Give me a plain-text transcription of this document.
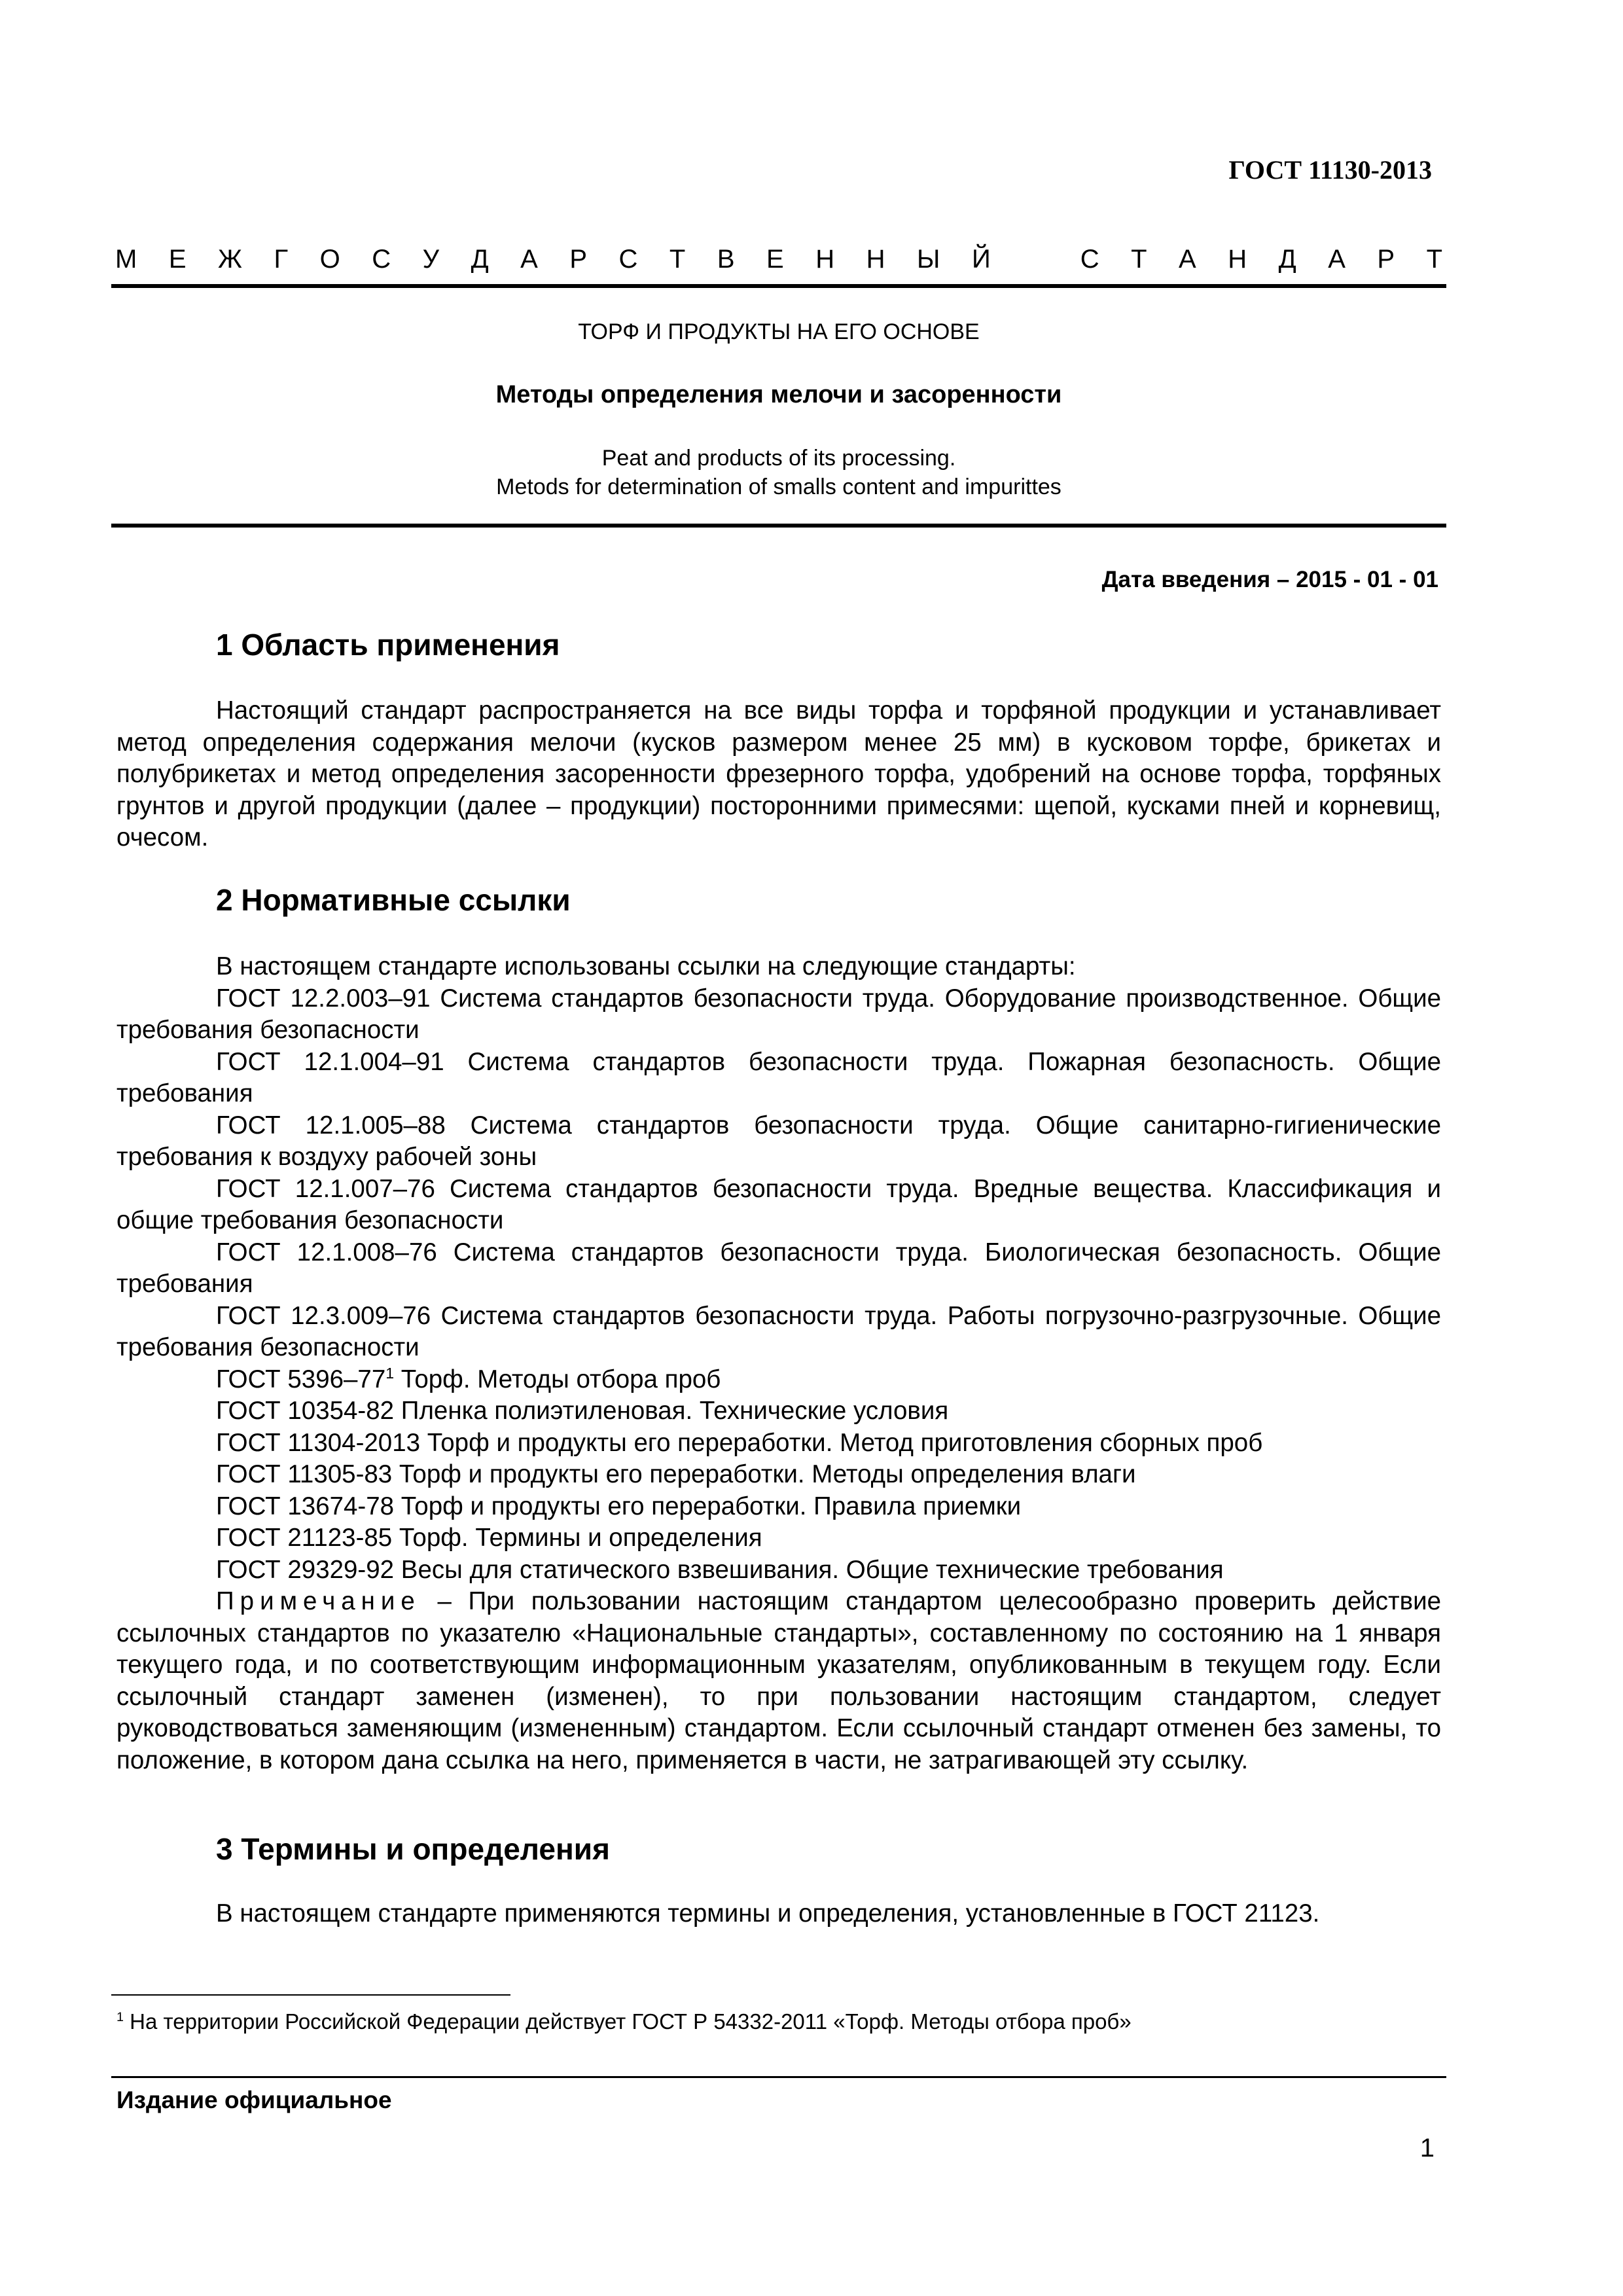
ГОСТ 11130-2013
М Е Ж Г О С У Д А Р С Т В Е Н Н Ы Й	С Т А Н Д А Р Т
ТОРФ И ПРОДУКТЫ НА ЕГО ОСНОВЕ
Методы определения мелочи и засоренности
Peat and products of its processing.
Metods for determination of smalls content and impurittes
Дата введения – 2015 - 01 - 01
1 Область применения

Настоящий стандарт распространяется на все виды торфа и торфяной продукции и устанавливает метод определения содержания мелочи (кусков размером менее 25 мм) в кусковом торфе, брикетах и полубрикетах и метод определения засоренности фрезерного торфа, удобрений на основе торфа, торфяных грунтов и другой продукции (далее – продукции) посторонними примесями: щепой, кусками пней и корневищ, очесом.

2 Нормативные ссылки

В настоящем стандарте использованы ссылки на следующие стандарты:

ГОСТ 12.2.003–91 Система стандартов безопасности труда. Оборудование производственное. Общие требования безопасности

ГОСТ 12.1.004–91 Система стандартов безопасности труда. Пожарная безопасность. Общие требования

ГОСТ 12.1.005–88 Система стандартов безопасности труда. Общие санитарно-гигиенические требования к воздуху рабочей зоны

ГОСТ 12.1.007–76 Система стандартов безопасности труда. Вредные вещества. Классификация и общие требования безопасности

ГОСТ 12.1.008–76 Система стандартов безопасности труда. Биологическая безопасность. Общие требования

ГОСТ 12.3.009–76 Система стандартов безопасности труда. Работы погрузочно-разгрузочные. Общие требования безопасности

ГОСТ $5396-77^1$ Торф. Методы отбора проб

ГОСТ 10354-82 Пленка полиэтиленовая. Технические условия

ГОСТ 11304-2013 Торф и продукты его переработки. Метод приготовления сборных проб

ГОСТ 11305-83 Торф и продукты его переработки. Методы определения влаги

ГОСТ 13674-78 Торф и продукты его переработки. Правила приемки

ГОСТ 21123-85 Торф. Термины и определения

ГОСТ 29329-92 Весы для статического взвешивания. Общие технические требования

Примечание – При пользовании настоящим стандартом целесообразно проверить действие ссылочных стандартов по указателю «Национальные стандарты», составленному по состоянию на 1 января текущего года, и по соответствующим информационным указателям, опубликованным в текущем году. Если ссылочный стандарт заменен (изменен), то при пользовании настоящим стандартом, следует руководствоваться заменяющим (измененным) стандартом. Если ссылочный стандарт отменен без замены, то положение, в котором дана ссылка на него, применяется в части, не затрагивающей эту ссылку.

3 Термины и определения

В настоящем стандарте применяются термины и определения, установленные в ГОСТ 21123.

$^1$ На территории Российской Федерации действует ГОСТ Р 54332-2011 «Торф. Методы отбора проб»
Издание официальное
1
